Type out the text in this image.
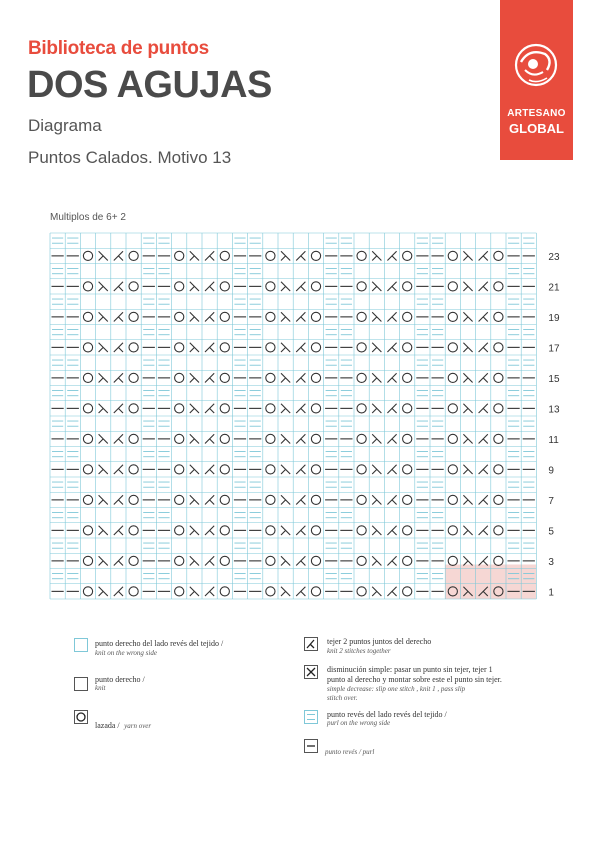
Biblioteca de puntos
DOS AGUJAS
Diagrama
Puntos Calados. Motivo 13
ARTESANO
GLOBAL
Multiplos de 6+ 2
23
21
19
17
15
13
11
9
7
5
3
1
punto derecho del lado revés del tejido /
knit on the wrong side
punto derecho /
knit
lazada / yarn over
tejer 2 puntos juntos del derecho
knit 2 stitches together
disminución simple: pasar un punto sin tejer, tejer 1
punto al derecho y montar sobre este el punto sin tejer.
simple decrease: slip one stitch , knit 1 , pass slip
stitch over.
punto revés del lado revés del tejido /
purl on the wrong side
punto revés / purl
